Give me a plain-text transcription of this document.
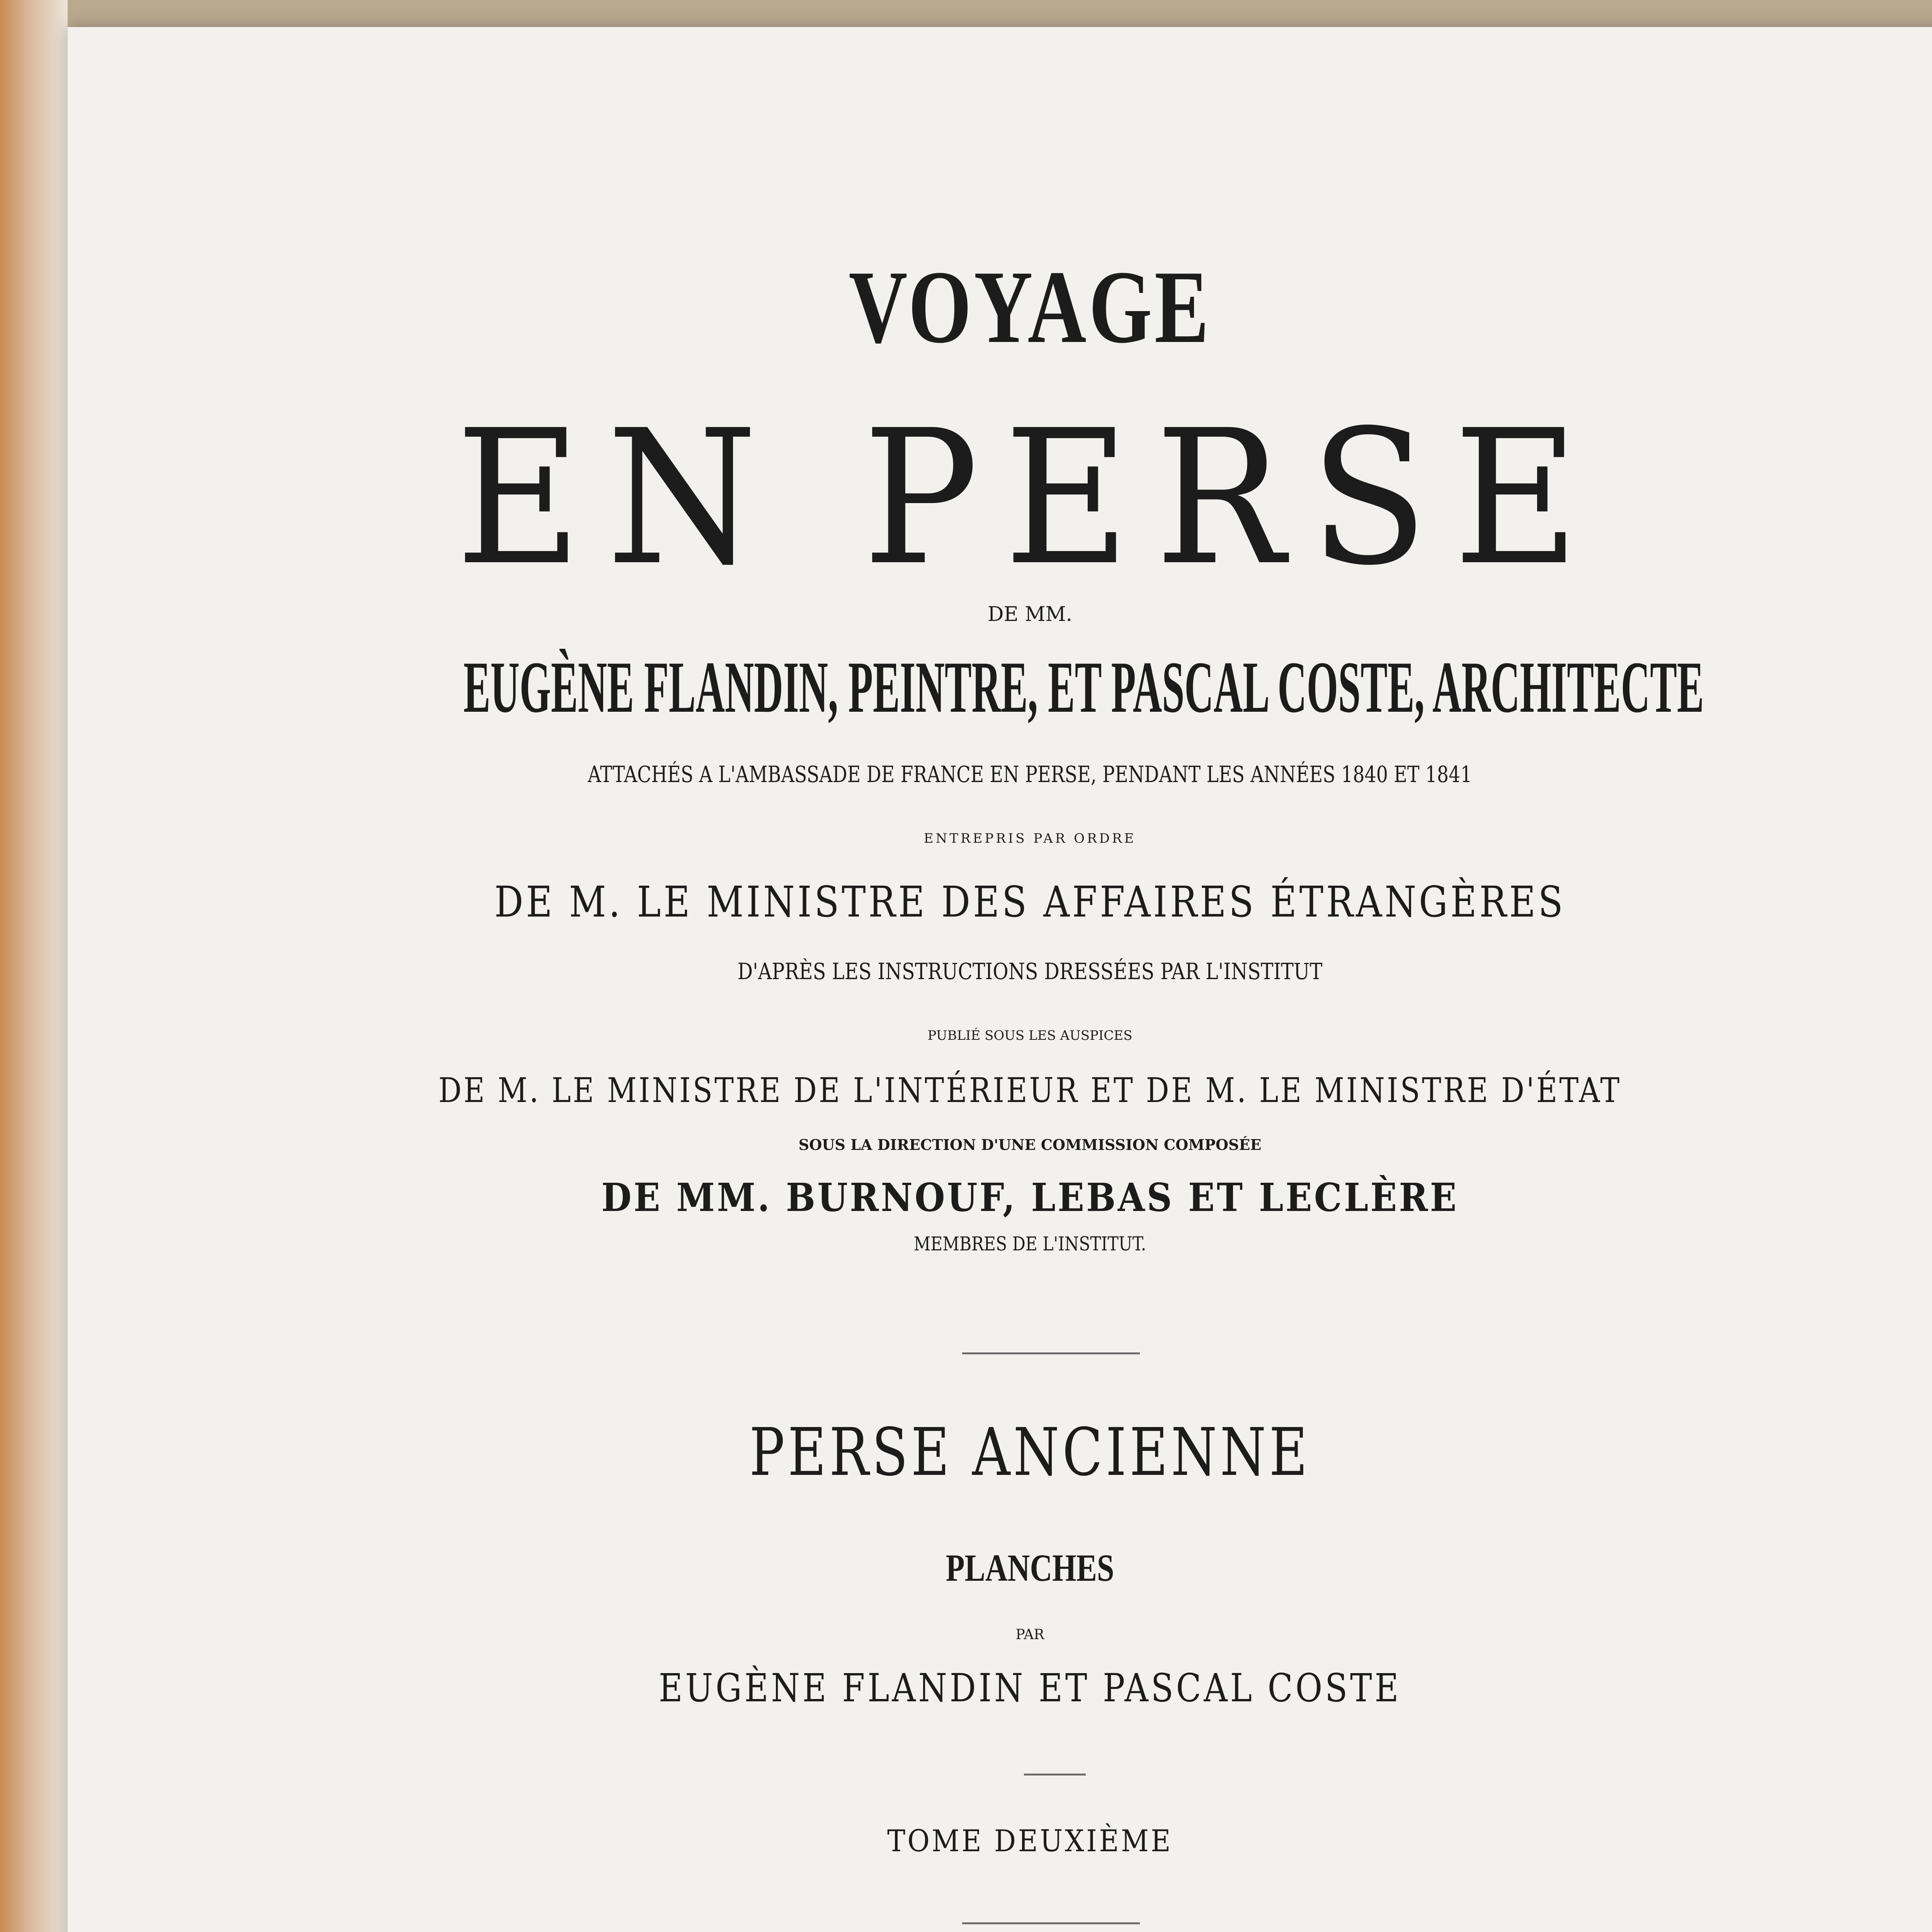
VOYAGE

EN PERSE

DE MM.

EUGÈNE FLANDIN, PEINTRE, ET PASCAL COSTE, ARCHITECTE

ATTACHÉS A L'AMBASSADE DE FRANCE EN PERSE, PENDANT LES ANNÉES 1840 ET 1841

ENTREPRIS PAR ORDRE

DE M. LE MINISTRE DES AFFAIRES ÉTRANGÈRES

D'APRÈS LES INSTRUCTIONS DRESSÉES PAR L'INSTITUT

PUBLIÉ SOUS LES AUSPICES

DE M. LE MINISTRE DE L'INTÉRIEUR ET DE M. LE MINISTRE D'ÉTAT

SOUS LA DIRECTION D'UNE COMMISSION COMPOSÉE

DE MM. BURNOUF, LEBAS ET LECLÈRE

MEMBRES DE L'INSTITUT.

PERSE ANCIENNE

PLANCHES

PAR

EUGÈNE FLANDIN ET PASCAL COSTE

TOME DEUXIÈME
